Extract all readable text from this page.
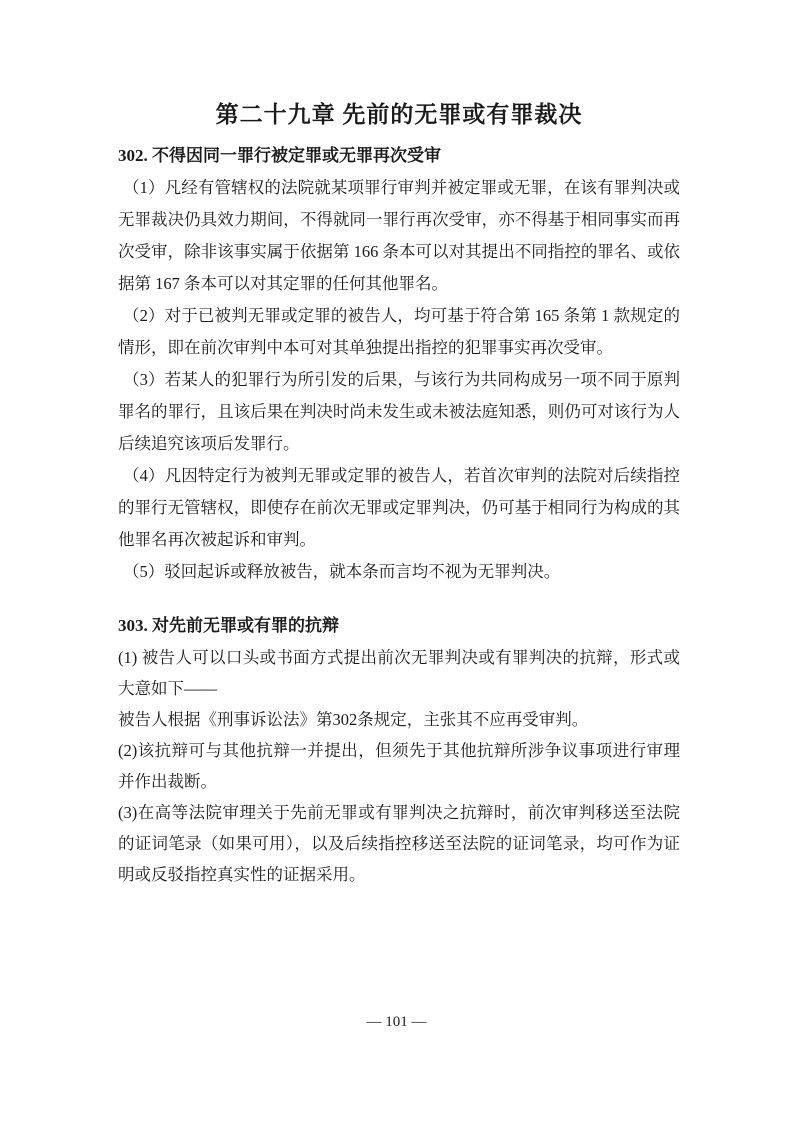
第二十九章 先前的无罪或有罪裁决
302. 不得因同一罪行被定罪或无罪再次受审

（1）凡经有管辖权的法院就某项罪行审判并被定罪或无罪，在该有罪判决或无罪裁决仍具效力期间，不得就同一罪行再次受审，亦不得基于相同事实而再次受审，除非该事实属于依据第 166 条本可以对其提出不同指控的罪名、或依据第 167 条本可以对其定罪的任何其他罪名。

（2）对于已被判无罪或定罪的被告人，均可基于符合第 165 条第 1 款规定的情形，即在前次审判中本可对其单独提出指控的犯罪事实再次受审。

（3）若某人的犯罪行为所引发的后果，与该行为共同构成另一项不同于原判罪名的罪行，且该后果在判决时尚未发生或未被法庭知悉，则仍可对该行为人后续追究该项后发罪行。

（4）凡因特定行为被判无罪或定罪的被告人，若首次审判的法院对后续指控的罪行无管辖权，即使存在前次无罪或定罪判决，仍可基于相同行为构成的其他罪名再次被起诉和审判。

（5）驳回起诉或释放被告，就本条而言均不视为无罪判决。

303. 对先前无罪或有罪的抗辩

(1) 被告人可以口头或书面方式提出前次无罪判决或有罪判决的抗辩，形式或大意如下——

被告人根据《刑事诉讼法》第302条规定，主张其不应再受审判。

(2)该抗辩可与其他抗辩一并提出，但须先于其他抗辩所涉争议事项进行审理并作出裁断。

(3)在高等法院审理关于先前无罪或有罪判决之抗辩时，前次审判移送至法院的证词笔录（如果可用），以及后续指控移送至法院的证词笔录，均可作为证明或反驳指控真实性的证据采用。

— 101 —
